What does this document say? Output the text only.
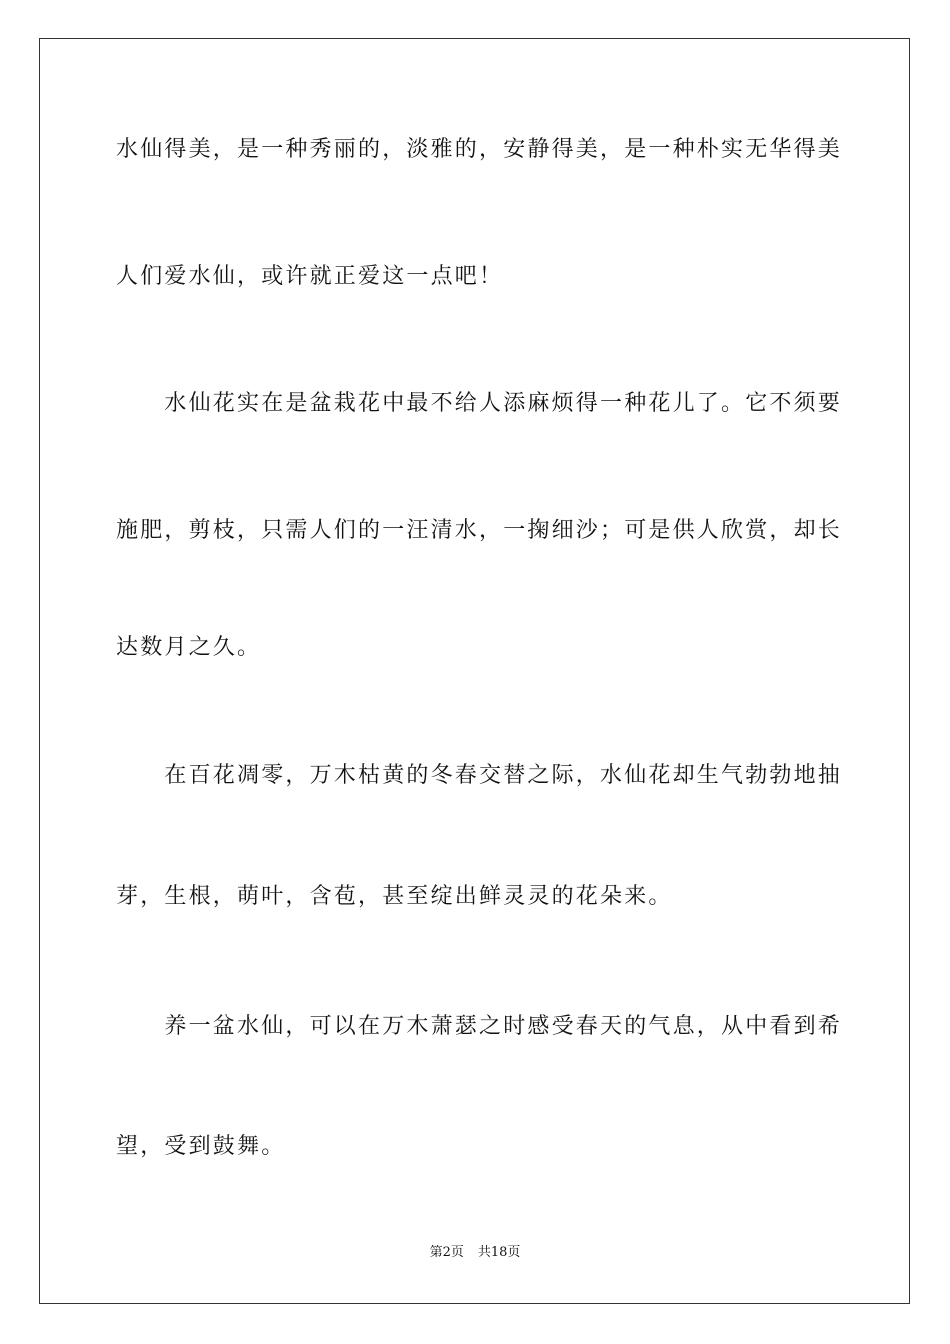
水仙得美，是一种秀丽的，淡雅的，安静得美，是一种朴实无华得美
人们爱水仙，或许就正爱这一点吧！
　　水仙花实在是盆栽花中最不给人添麻烦得一种花儿了。它不须要
施肥，剪枝，只需人们的一汪清水，一掬细沙；可是供人欣赏，却长
达数月之久。
　　在百花凋零，万木枯黄的冬春交替之际，水仙花却生气勃勃地抽
芽，生根，萌叶，含苞，甚至绽出鲜灵灵的花朵来。
　　养一盆水仙，可以在万木萧瑟之时感受春天的气息，从中看到希
望，受到鼓舞。
第2页 共18页
